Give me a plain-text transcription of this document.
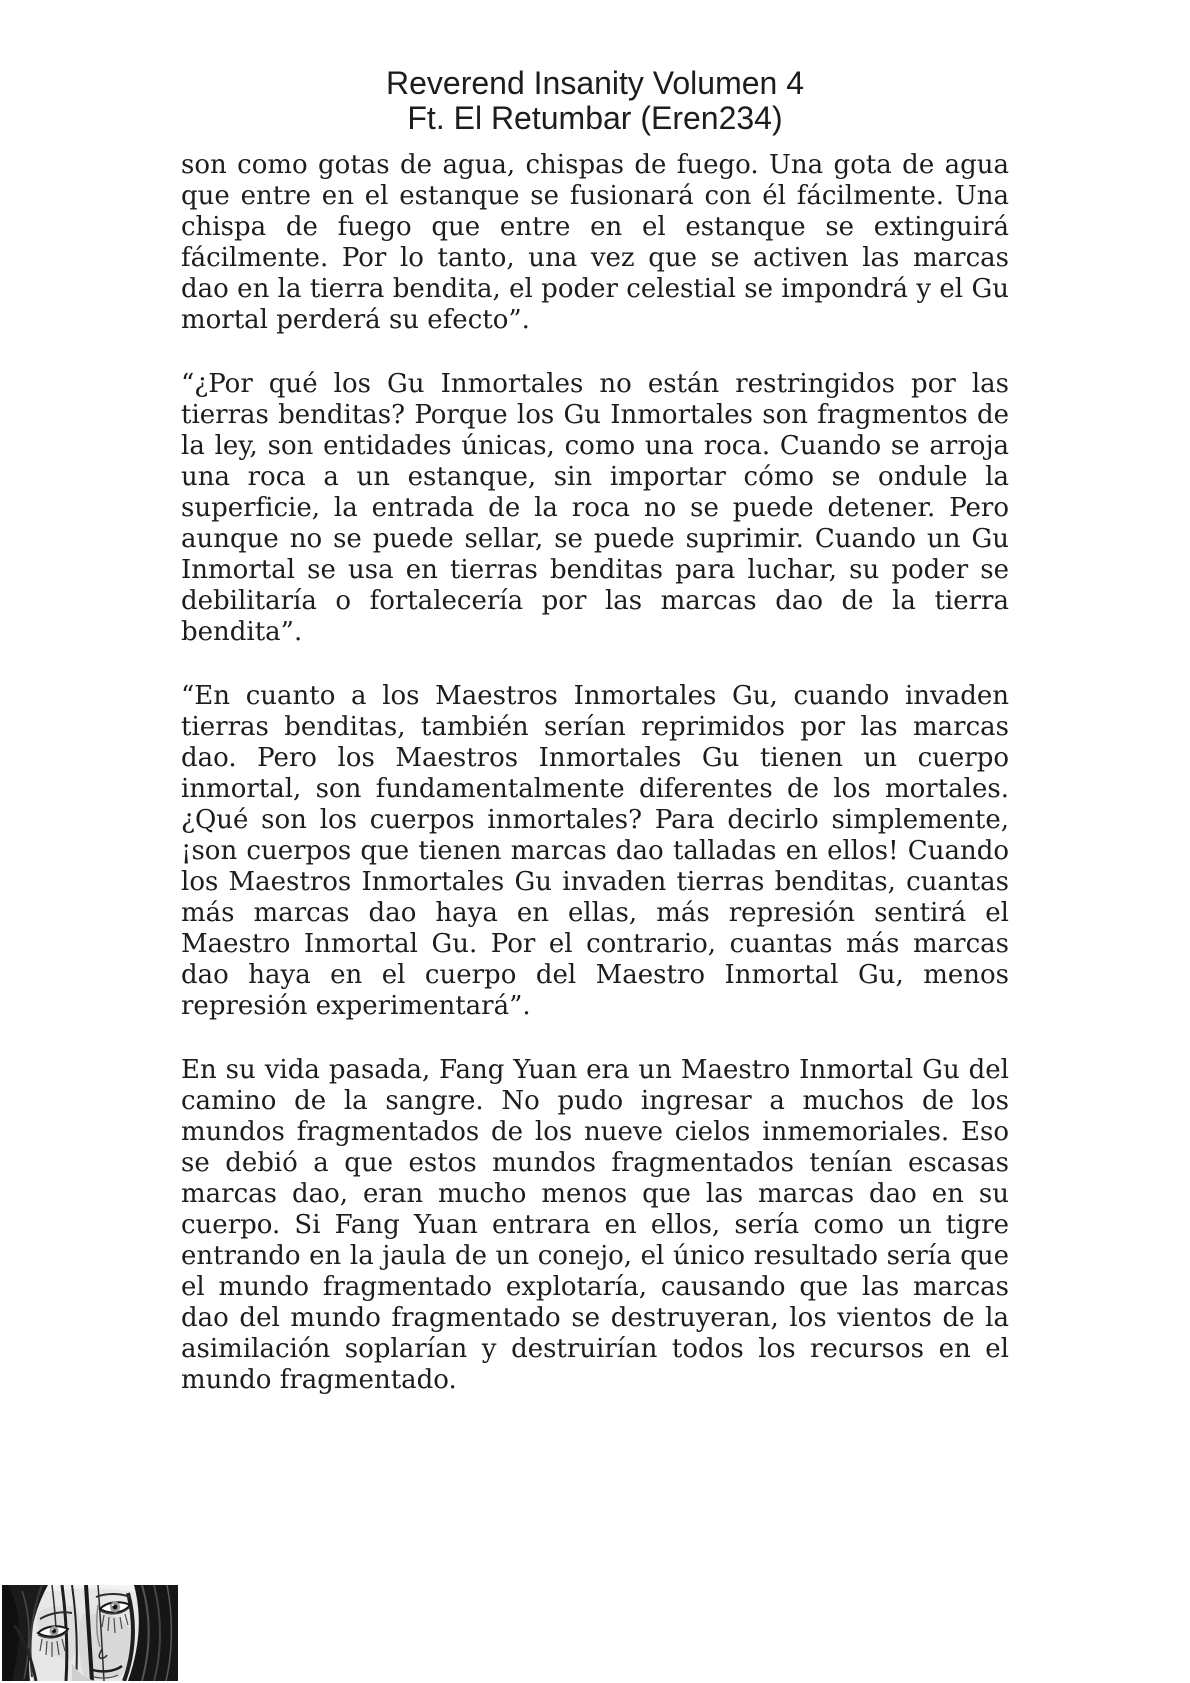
Reverend Insanity Volumen 4
Ft. El Retumbar (Eren234)

son como gotas de agua, chispas de fuego. Una gota de agua que entre en el estanque se fusionará con él fácilmente. Una chispa de fuego que entre en el estanque se extinguirá fácilmente. Por lo tanto, una vez que se activen las marcas dao en la tierra bendita, el poder celestial se impondrá y el Gu mortal perderá su efecto”.

“¿Por qué los Gu Inmortales no están restringidos por las tierras benditas? Porque los Gu Inmortales son fragmentos de la ley, son entidades únicas, como una roca. Cuando se arroja una roca a un estanque, sin importar cómo se ondule la superficie, la entrada de la roca no se puede detener. Pero aunque no se puede sellar, se puede suprimir. Cuando un Gu Inmortal se usa en tierras benditas para luchar, su poder se debilitaría o fortalecería por las marcas dao de la tierra bendita”.

“En cuanto a los Maestros Inmortales Gu, cuando invaden tierras benditas, también serían reprimidos por las marcas dao. Pero los Maestros Inmortales Gu tienen un cuerpo inmortal, son fundamentalmente diferentes de los mortales. ¿Qué son los cuerpos inmortales? Para decirlo simplemente, ¡son cuerpos que tienen marcas dao talladas en ellos! Cuando los Maestros Inmortales Gu invaden tierras benditas, cuantas más marcas dao haya en ellas, más represión sentirá el Maestro Inmortal Gu. Por el contrario, cuantas más marcas dao haya en el cuerpo del Maestro Inmortal Gu, menos represión experimentará”.

En su vida pasada, Fang Yuan era un Maestro Inmortal Gu del camino de la sangre. No pudo ingresar a muchos de los mundos fragmentados de los nueve cielos inmemoriales. Eso se debió a que estos mundos fragmentados tenían escasas marcas dao, eran mucho menos que las marcas dao en su cuerpo. Si Fang Yuan entrara en ellos, sería como un tigre entrando en la jaula de un conejo, el único resultado sería que el mundo fragmentado explotaría, causando que las marcas dao del mundo fragmentado se destruyeran, los vientos de la asimilación soplarían y destruirían todos los recursos en el mundo fragmentado.
